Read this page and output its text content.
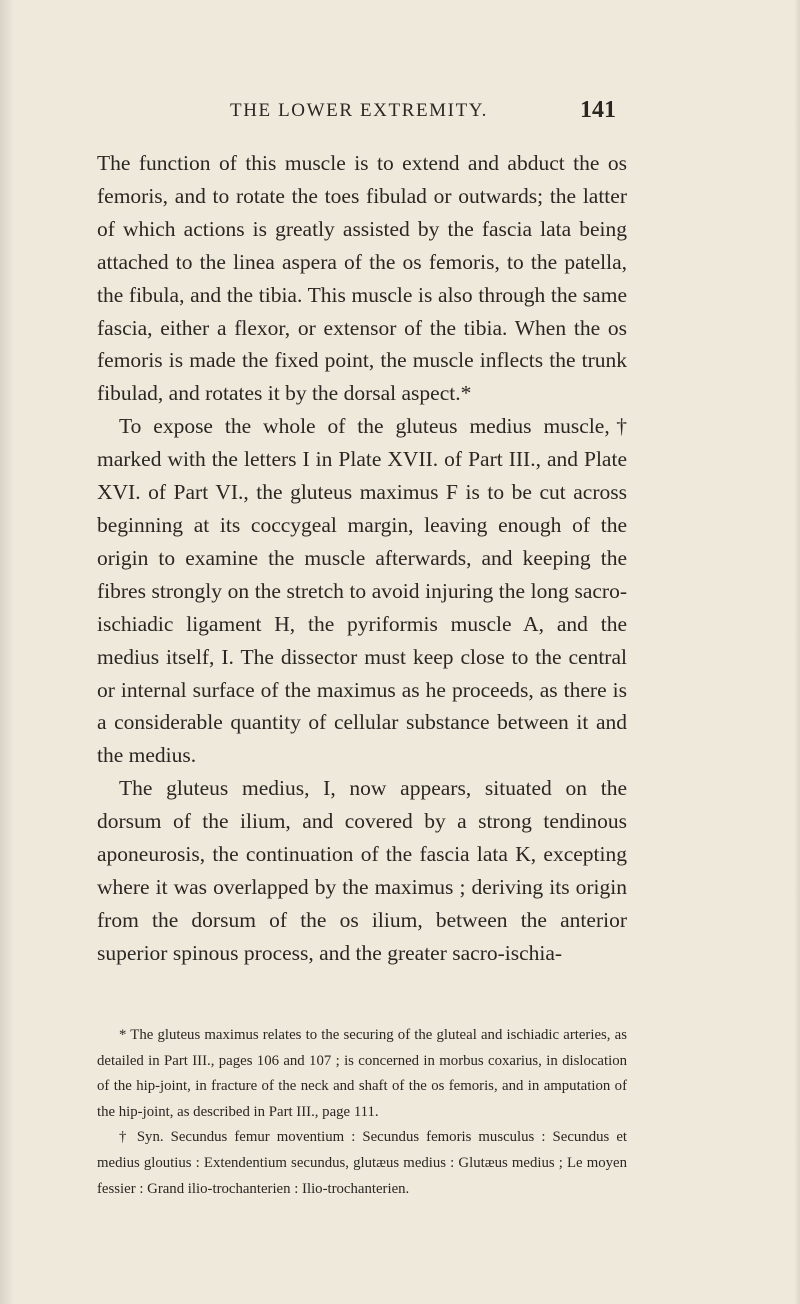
THE LOWER EXTREMITY.	141

The function of this muscle is to extend and abduct the os femoris, and to rotate the toes fibulad or outwards; the latter of which actions is greatly assisted by the fascia lata being attached to the linea aspera of the os femoris, to the patella, the fibula, and the tibia. This muscle is also through the same fascia, either a flexor, or extensor of the tibia. When the os femoris is made the fixed point, the muscle inflects the trunk fibulad, and rotates it by the dorsal aspect.*

To expose the whole of the gluteus medius muscle,† marked with the letters I in Plate XVII. of Part III., and Plate XVI. of Part VI., the gluteus maximus F is to be cut across beginning at its coccygeal margin, leaving enough of the origin to examine the muscle afterwards, and keeping the fibres strongly on the stretch to avoid injuring the long sacro-ischiadic ligament H, the pyriformis muscle A, and the medius itself, I. The dissector must keep close to the central or internal surface of the maximus as he proceeds, as there is a considerable quantity of cellular substance between it and the medius.

The gluteus medius, I, now appears, situated on the dorsum of the ilium, and covered by a strong tendinous aponeurosis, the continuation of the fascia lata K, excepting where it was overlapped by the maximus ; deriving its origin from the dorsum of the os ilium, between the anterior superior spinous process, and the greater sacro-ischia-

* The gluteus maximus relates to the securing of the gluteal and ischiadic arteries, as detailed in Part III., pages 106 and 107 ; is concerned in morbus coxarius, in dislocation of the hip-joint, in fracture of the neck and shaft of the os femoris, and in amputation of the hip-joint, as described in Part III., page 111.

† Syn. Secundus femur moventium : Secundus femoris musculus : Secundus et medius gloutius : Extendentium secundus, glutæus medius : Glutæus medius ; Le moyen fessier : Grand ilio-trochanterien : Ilio-trochanterien.
